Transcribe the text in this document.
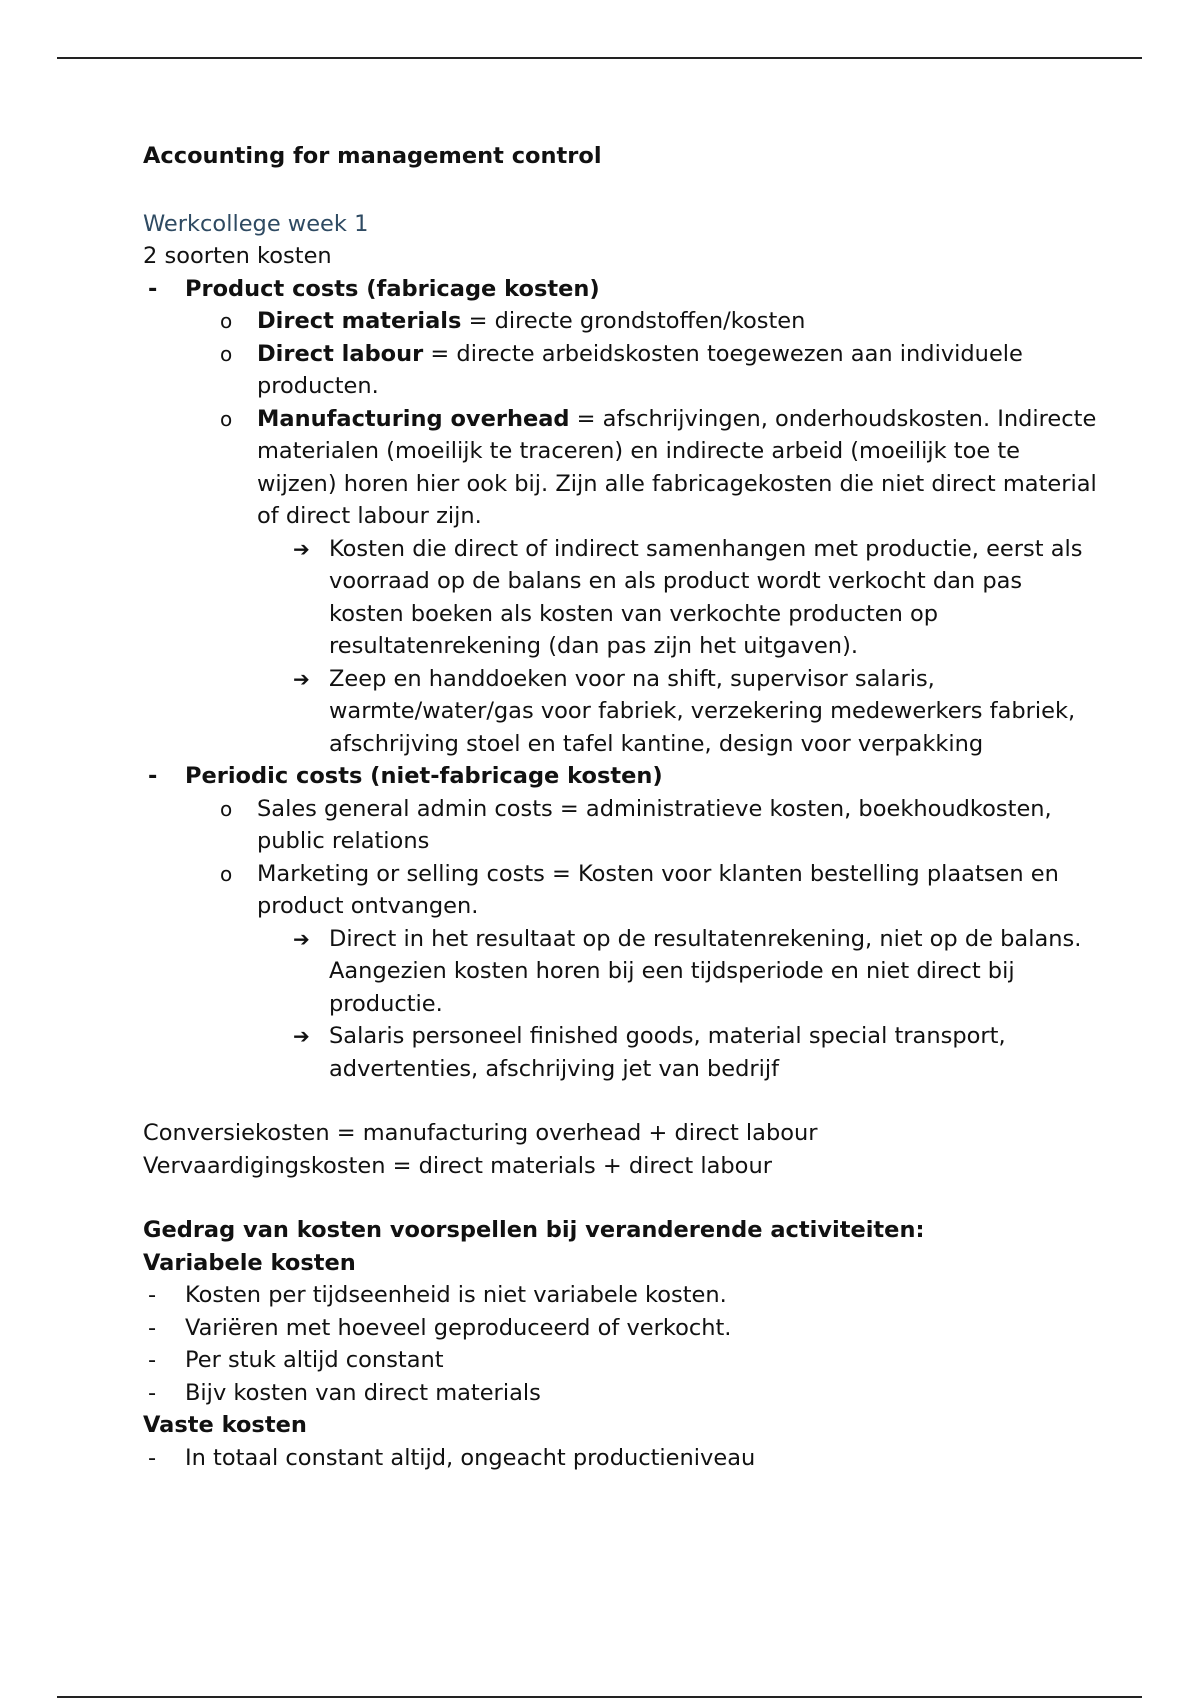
Accounting for management control

Werkcollege week 1

2 soorten kosten

- Product costs (fabricage kosten)
o Direct materials = directe grondstoffen/kosten
o Direct labour = directe arbeidskosten toegewezen aan individuele producten.
o Manufacturing overhead = afschrijvingen, onderhoudskosten. Indirecte materialen (moeilijk te traceren) en indirecte arbeid (moeilijk toe te wijzen) horen hier ook bij. Zijn alle fabricagekosten die niet direct material of direct labour zijn.
➔ Kosten die direct of indirect samenhangen met productie, eerst als voorraad op de balans en als product wordt verkocht dan pas kosten boeken als kosten van verkochte producten op resultatenrekening (dan pas zijn het uitgaven).
➔ Zeep en handdoeken voor na shift, supervisor salaris, warmte/water/gas voor fabriek, verzekering medewerkers fabriek, afschrijving stoel en tafel kantine, design voor verpakking
- Periodic costs (niet-fabricage kosten)
o Sales general admin costs = administratieve kosten, boekhoudkosten, public relations
o Marketing or selling costs = Kosten voor klanten bestelling plaatsen en product ontvangen.
➔ Direct in het resultaat op de resultatenrekening, niet op de balans. Aangezien kosten horen bij een tijdsperiode en niet direct bij productie.
➔ Salaris personeel finished goods, material special transport, advertenties, afschrijving jet van bedrijf

Conversiekosten = manufacturing overhead + direct labour

Vervaardigingskosten = direct materials + direct labour

Gedrag van kosten voorspellen bij veranderende activiteiten:

Variabele kosten

- Kosten per tijdseenheid is niet variabele kosten.
- Variëren met hoeveel geproduceerd of verkocht.
- Per stuk altijd constant
- Bijv kosten van direct materials

Vaste kosten

- In totaal constant altijd, ongeacht productieniveau
